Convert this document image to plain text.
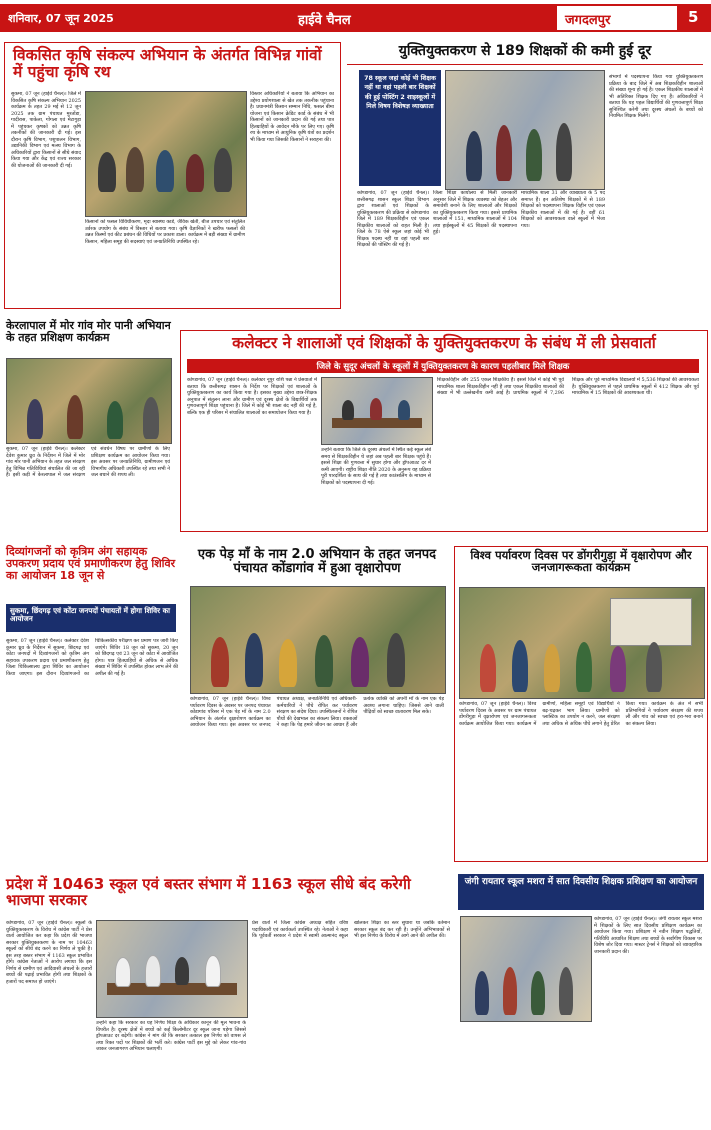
शनिवार, 07 जून 2025	हाईवे चैनल	जगदलपुर	5
विकसित कृषि संकल्प अभियान के अंतर्गत विभिन्न गांवों में पहुंचा कृषि रथ
सुकमा, 07 जून (हाईवे चैनल)। जिले में विकसित कृषि संकल्प अभियान 2025 कार्यक्रम के तहत 29 मई से 12 जून 2025 तक ग्राम पंचायत मुरतोंडा, गादीरास, पाकेला, गोंगला एवं मेटागुड़ा में पहुंचकर कृषकों को उन्नत कृषि तकनीकों की जानकारी दी गई। इस दौरान कृषि विभाग, पशुपालन विभाग, उद्यानिकी विभाग एवं मत्स्य विभाग के अधिकारियों द्वारा किसानों से सीधे संवाद किया गया और केंद्र एवं राज्य सरकार की योजनाओं की जानकारी दी गई।
किसानों को फसल विविधीकरण, मृदा स्वास्थ्य कार्ड, जैविक खेती, बीज उपचार एवं संतुलित उर्वरक उपयोग के संबंध में विस्तार से बताया गया। कृषि वैज्ञानिकों ने खरीफ फसलों की उन्नत किस्मों एवं कीट प्रबंधन की विधियों पर प्रकाश डाला। कार्यक्रम में बड़ी संख्या में ग्रामीण किसान, महिला समूह की सदस्याएं एवं जनप्रतिनिधि उपस्थित रहे।
विस्तार अधिकारियों ने बताया कि अभियान का उद्देश्य प्रयोगशाला से खेत तक तकनीक पहुंचाना है। प्रधानमंत्री किसान सम्मान निधि, फसल बीमा योजना एवं किसान क्रेडिट कार्ड के संबंध में भी किसानों को जानकारी प्रदान की गई तथा पात्र हितग्राहियों के आवेदन मौके पर लिए गए। कृषि रथ के माध्यम से आधुनिक कृषि यंत्रों का प्रदर्शन भी किया गया जिसकी किसानों ने सराहना की।
युक्तियुक्तकरण से 189 शिक्षकों की कमी हुई दूर
78 स्कूल जहां कोई भी शिक्षक नहीं था वहां पहली बार शिक्षकों की हुई पोस्टिंग 2 शाइस्कूलों में मिले विषय विशेषज्ञ व्याख्याता
कोण्डागांव, 07 जून (हाईवे चैनल)। छत्तीसगढ़ शासन स्कूल शिक्षा विभाग द्वारा शालाओं एवं शिक्षकों के युक्तियुक्तकरण की प्रक्रिया से कोण्डागांव जिले में 189 शिक्षकविहीन एवं एकल शिक्षकीय शालाओं को राहत मिली है। जिले के 78 ऐसे स्कूल जहां कोई भी शिक्षक पदस्थ नहीं था वहां पहली बार शिक्षकों की पोस्टिंग की गई है।
जिला शिक्षा कार्यालय से मिली जानकारी अनुसार जिले में शिक्षक व्यवस्था को बेहतर और समावेशी बनाने के लिए शालाओं और शिक्षकों का युक्तियुक्तकरण किया गया। इससे प्राथमिक शालाओं में 151, माध्यमिक शालाओं में 104 तथा हाईस्कूलों में 45 शिक्षकों की पदस्थापना हुई।
माध्यमिक शाला 31 और व्याख्याता के 5 पद समाप्त हैं। इन अतिशेष शिक्षकों में से 189 शिक्षकों को पदस्थापना शिक्षक विहीन एवं एकल शिक्षकीय शालाओं में की गई है। वहीं 61 शिक्षकों को आवश्यकता वाले स्कूलों में भेजा गया।
संभागों में पदस्थापना किया गया युक्तियुक्तकरण प्रक्रिया के बाद जिले में अब शिक्षकविहीन शालाओं की संख्या शून्य हो गई है। एकल शिक्षकीय शालाओं में भी अतिरिक्त शिक्षक दिए गए हैं। अधिकारियों ने बताया कि यह पहल विद्यार्थियों की गुणवत्तापूर्ण शिक्षा सुनिश्चित करेगी तथा दूरस्थ अंचलों के बच्चों को नियमित शिक्षक मिलेंगे।
केरलापाल में मोर गांव मोर पानी अभियान के तहत प्रशिक्षण कार्यक्रम
सुकमा, 07 जून (हाईवे चैनल)। कलेक्टर देवेश कुमार ध्रुव के निर्देशन में जिले में मोर गांव मोर पानी अभियान के तहत जल संरक्षण हेतु विभिन्न गतिविधियां संचालित की जा रही हैं। इसी कड़ी में केरलापाल में जल संरक्षण एवं संवर्धन विषय पर ग्रामीणों के लिए प्रशिक्षण कार्यक्रम का आयोजन किया गया। इस अवसर पर जनप्रतिनिधि, ग्रामीणजन एवं विभागीय अधिकारी उपस्थित रहे तथा सभी ने जल बचाने की शपथ ली।
कलेक्टर ने शालाओं एवं शिक्षकों के युक्तियुक्तकरण के संबंध में ली प्रेसवार्ता
जिले के सुदूर अंचलों के स्कूलों में युक्तियुक्तकरण के कारण पहलीबार मिले शिक्षक
कोण्डागांव, 07 जून (हाईवे चैनल)। कलेक्टर नूपुर राशि पन्ना ने प्रेसवार्ता में बताया कि छत्तीसगढ़ शासन के निर्देश पर शिक्षकों एवं शालाओं के युक्तियुक्तकरण का कार्य किया गया है। इसका मुख्य उद्देश्य छात्र-शिक्षक अनुपात में संतुलन लाना और ग्रामीण एवं दूरस्थ क्षेत्रों के विद्यार्थियों तक गुणवत्तापूर्ण शिक्षा पहुंचाना है। जिले में कोई भी शाला बंद नहीं की गई है, बल्कि एक ही परिसर में संचालित शालाओं का समायोजन किया गया है।
उन्होंने बताया कि जिले के दूरस्थ अंचलों में स्थित कई स्कूल लंबे समय से शिक्षकविहीन थे जहां अब पहली बार शिक्षक पहुंचे हैं। इससे शिक्षा की गुणवत्ता में सुधार होगा और ड्रॉपआउट दर में कमी आएगी। राष्ट्रीय शिक्षा नीति 2020 के अनुरूप यह प्रक्रिया पूरी पारदर्शिता के साथ की गई है तथा काउंसलिंग के माध्यम से शिक्षकों को पदस्थापना दी गई।
शिक्षकविहीन और 255 एकल शिक्षकीय हैं। इससे जिले में कोई भी पूर्व माध्यमिक शाला शिक्षकविहीन नहीं है तथा एकल शिक्षकीय शालाओं की संख्या में भी उल्लेखनीय कमी आई है। प्राथमिक स्कूलों में 7,296 शिक्षक और पूर्व माध्यमिक विद्यालयों में 5,536 शिक्षकों की आवश्यकता है। युक्तियुक्तकरण से पहले प्राथमिक स्कूलों में 412 शिक्षक और पूर्व माध्यमिक में 15 शिक्षकों की आवश्यकता थी।
दिव्यांगजनों को कृत्रिम अंग सहायक उपकरण प्रदाय एवं प्रमाणीकरण हेतु शिविर का आयोजन 18 जून से
सुकमा, छिंदगढ़ एवं कोंटा जनपदों पंचायतों में होगा शिविर का आयोजन
सुकमा, 07 जून (हाईवे चैनल)। कलेक्टर देवेश कुमार ध्रुव के निर्देशन में सुकमा, छिंदगढ़ एवं कोंटा जनपदों में दिव्यांगजनों को कृत्रिम अंग सहायक उपकरण प्रदाय एवं प्रमाणीकरण हेतु जिला चिकित्सालय द्वारा शिविर का आयोजन किया जाएगा। इस दौरान दिव्यांगजनों का चिकित्सकीय परीक्षण कर प्रमाण पत्र जारी किए जाएंगे। शिविर 18 जून को सुकमा, 20 जून को छिंदगढ़ एवं 23 जून को कोंटा में आयोजित होगा। पात्र हितग्राहियों से अधिक से अधिक संख्या में शिविर में उपस्थित होकर लाभ लेने की अपील की गई है।
एक पेड़ माँ के नाम 2.0 अभियान के तहत जनपद पंचायत कोंडागांव में हुआ वृक्षारोपण
कोण्डागांव, 07 जून (हाईवे चैनल)। विश्व पर्यावरण दिवस के अवसर पर जनपद पंचायत कोंडागांव परिसर में एक पेड़ माँ के नाम 2.0 अभियान के अंतर्गत वृक्षारोपण कार्यक्रम का आयोजन किया गया। इस अवसर पर जनपद पंचायत अध्यक्ष, जनप्रतिनिधि एवं अधिकारी-कर्मचारियों ने पौधे रोपित कर पर्यावरण संरक्षण का संदेश दिया। उपस्थितजनों ने रोपित पौधों की देखभाल का संकल्प लिया। वक्ताओं ने कहा कि पेड़ हमारे जीवन का आधार हैं और प्रत्येक व्यक्ति को अपनी माँ के नाम एक पेड़ अवश्य लगाना चाहिए। जिससे आने वाली पीढ़ियों को स्वच्छ वातावरण मिल सके।
विश्व पर्यावरण दिवस पर डोंगरीगुड़ा में वृक्षारोपण और जनजागरूकता कार्यक्रम
कोण्डागांव, 07 जून (हाईवे चैनल)। विश्व पर्यावरण दिवस के अवसर पर ग्राम पंचायत डोंगरीगुड़ा में वृक्षारोपण एवं जनजागरूकता कार्यक्रम आयोजित किया गया। कार्यक्रम में ग्रामीणों, महिला समूहों एवं विद्यार्थियों ने बढ़-चढ़कर भाग लिया। ग्रामीणों को प्लास्टिक का उपयोग न करने, जल संरक्षण तथा अधिक से अधिक पौधे लगाने हेतु प्रेरित किया गया। कार्यक्रम के अंत में सभी प्रतिभागियों ने पर्यावरण संरक्षण की शपथ ली और गांव को स्वच्छ एवं हरा-भरा बनाने का संकल्प लिया।
प्रदेश में 10463 स्कूल एवं बस्तर संभाग में 1163 स्कूल सीधे बंद करेगी भाजपा सरकार
कोण्डागांव, 07 जून (हाईवे चैनल)। स्कूलों के युक्तियुक्तकरण के विरोध में कांग्रेस पार्टी ने प्रेस वार्ता आयोजित कर कहा कि प्रदेश की भाजपा सरकार युक्तियुक्तकरण के नाम पर 10463 स्कूलों को सीधे बंद करने का निर्णय ले चुकी है। इस तरह बस्तर संभाग में 1163 स्कूल प्रभावित होंगे। कांग्रेस नेताओं ने आरोप लगाया कि इस निर्णय से ग्रामीण एवं आदिवासी अंचलों के हजारों बच्चों की पढ़ाई प्रभावित होगी तथा शिक्षकों के हजारों पद समाप्त हो जाएंगे।
उन्होंने कहा कि सरकार का यह निर्णय शिक्षा के अधिकार कानून की मूल भावना के विपरीत है। दूरस्थ क्षेत्रों में बच्चों को कई किलोमीटर दूर स्कूल जाना पड़ेगा जिससे ड्रॉपआउट दर बढ़ेगी। कांग्रेस ने मांग की कि सरकार तत्काल इस निर्णय को वापस ले तथा रिक्त पदों पर शिक्षकों की भर्ती करे। कांग्रेस पार्टी इस मुद्दे को लेकर गांव-गांव जाकर जनजागरण अभियान चलाएगी।
प्रेस वार्ता में जिला कांग्रेस अध्यक्ष सहित वरिष्ठ पदाधिकारी एवं कार्यकर्ता उपस्थित रहे। नेताओं ने कहा कि पूर्ववर्ती सरकार ने प्रदेश में स्वामी आत्मानंद स्कूल खोलकर शिक्षा का स्तर सुधारा था जबकि वर्तमान सरकार स्कूल बंद कर रही है। उन्होंने अभिभावकों से भी इस निर्णय के विरोध में आगे आने की अपील की।
जंगी रायतार स्कूल मशरा में सात दिवसीय शिक्षक प्रशिक्षण का आयोजन
कोण्डागांव, 07 जून (हाईवे चैनल)। जंगी रायतार स्कूल मशरा में शिक्षकों के लिए सात दिवसीय प्रशिक्षण कार्यक्रम का आयोजन किया गया। प्रशिक्षण में नवीन शिक्षण पद्धतियों, गतिविधि आधारित शिक्षण तथा बच्चों के सर्वांगीण विकास पर विशेष जोर दिया गया। मास्टर ट्रेनर्स ने शिक्षकों को व्यावहारिक जानकारी प्रदान की।
